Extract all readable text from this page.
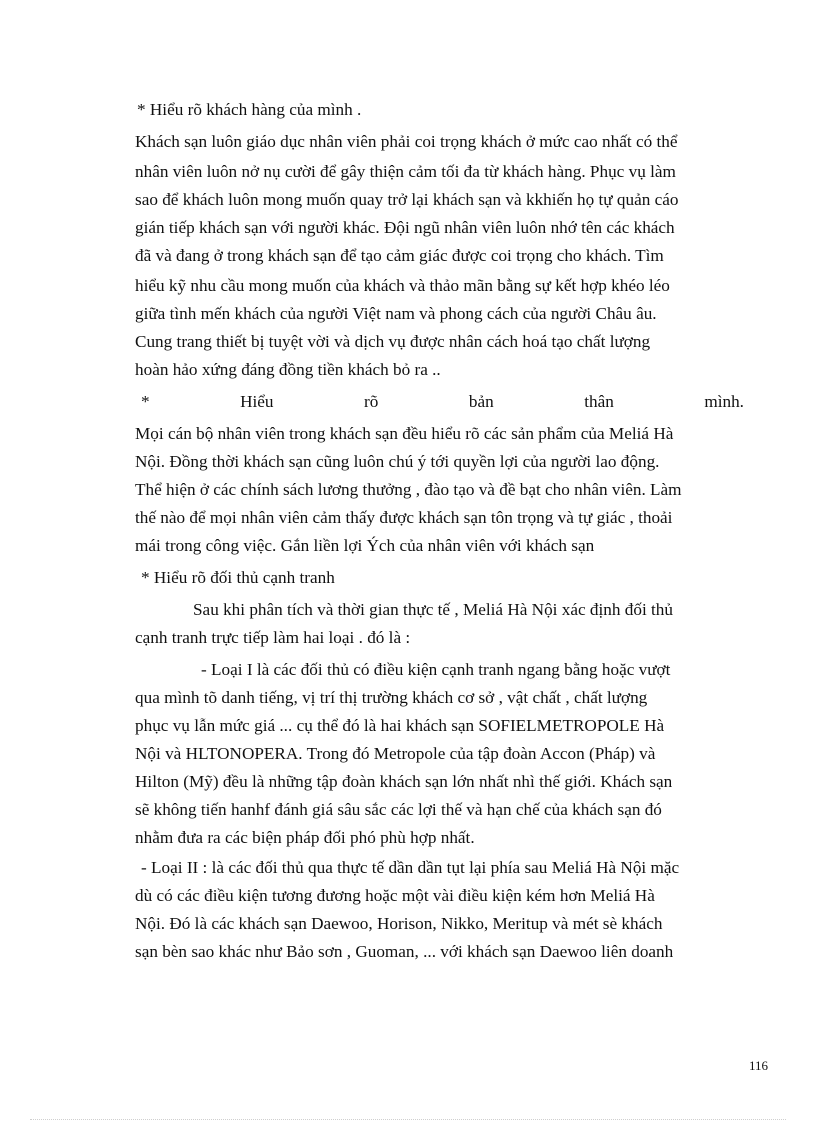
* Hiểu rõ khách hàng của mình .
Khách sạn luôn giáo dục nhân viên phải coi trọng khách ở mức cao nhất có thể
nhân viên luôn nở nụ cười để gây thiện cảm tối đa từ khách hàng. Phục vụ làm
sao để khách luôn mong muốn quay trở lại khách sạn và kkhiến họ tự quản cáo
gián tiếp khách sạn với người khác. Đội ngũ nhân viên luôn nhớ tên các khách
đã và đang ở trong khách sạn để tạo cảm giác được coi trọng cho khách. Tìm
hiểu kỹ nhu cầu mong muốn của khách và thảo mãn bằng sự kết hợp khéo léo
giữa tình mến khách của người Việt nam và phong cách của người Châu âu.
Cung trang thiết bị tuyệt vời và dịch vụ được nhân cách hoá tạo chất lượng
hoàn hảo xứng đáng đồng tiền khách bỏ ra ..
*	Hiểu	rõ	bản	thân	mình.
Mọi cán bộ nhân viên trong khách sạn đều hiểu rõ các sản phẩm của Meliá Hà
Nội. Đồng thời khách sạn cũng luôn chú ý tới quyền lợi của người lao động.
Thể hiện ở các chính sách lương thưởng , đào tạo và đề bạt cho nhân viên. Làm
thế nào để mọi nhân viên cảm thấy được khách sạn tôn trọng và tự giác , thoải
mái trong công việc. Gắn liền lợi Ých của nhân viên với khách sạn
* Hiểu rõ đối thủ cạnh tranh
Sau khi phân tích và thời gian thực tế , Meliá Hà Nội xác định đối thủ
cạnh tranh trực tiếp làm hai loại . đó là :
- Loại I là các đối thủ có điều kiện cạnh tranh ngang bằng hoặc vượt
qua mình tõ danh tiếng, vị trí thị trường khách cơ sở , vật chất , chất lượng
phục vụ lẫn mức giá ... cụ thể đó là hai khách sạn SOFIELMETROPOLE Hà
Nội và HLTONOPERA. Trong đó Metropole của tập đoàn Accon (Pháp) và
Hilton (Mỹ) đều là những tập đoàn khách sạn lớn nhất nhì thế giới. Khách sạn
sẽ không tiến hanhf đánh giá sâu sắc các lợi thế và hạn chế của khách sạn đó
nhằm đưa ra các biện pháp đối phó phù hợp nhất.
- Loại II : là các đối thủ qua thực tế dần dần tụt lại phía sau Meliá Hà Nội mặc
dù có các điều kiện tương đương hoặc một vài điều kiện kém hơn Meliá Hà
Nội. Đó là các khách sạn Daewoo, Horison, Nikko, Meritup và mét sè khách
sạn bèn sao khác như Bảo sơn , Guoman, ... với khách sạn Daewoo liên doanh
116
